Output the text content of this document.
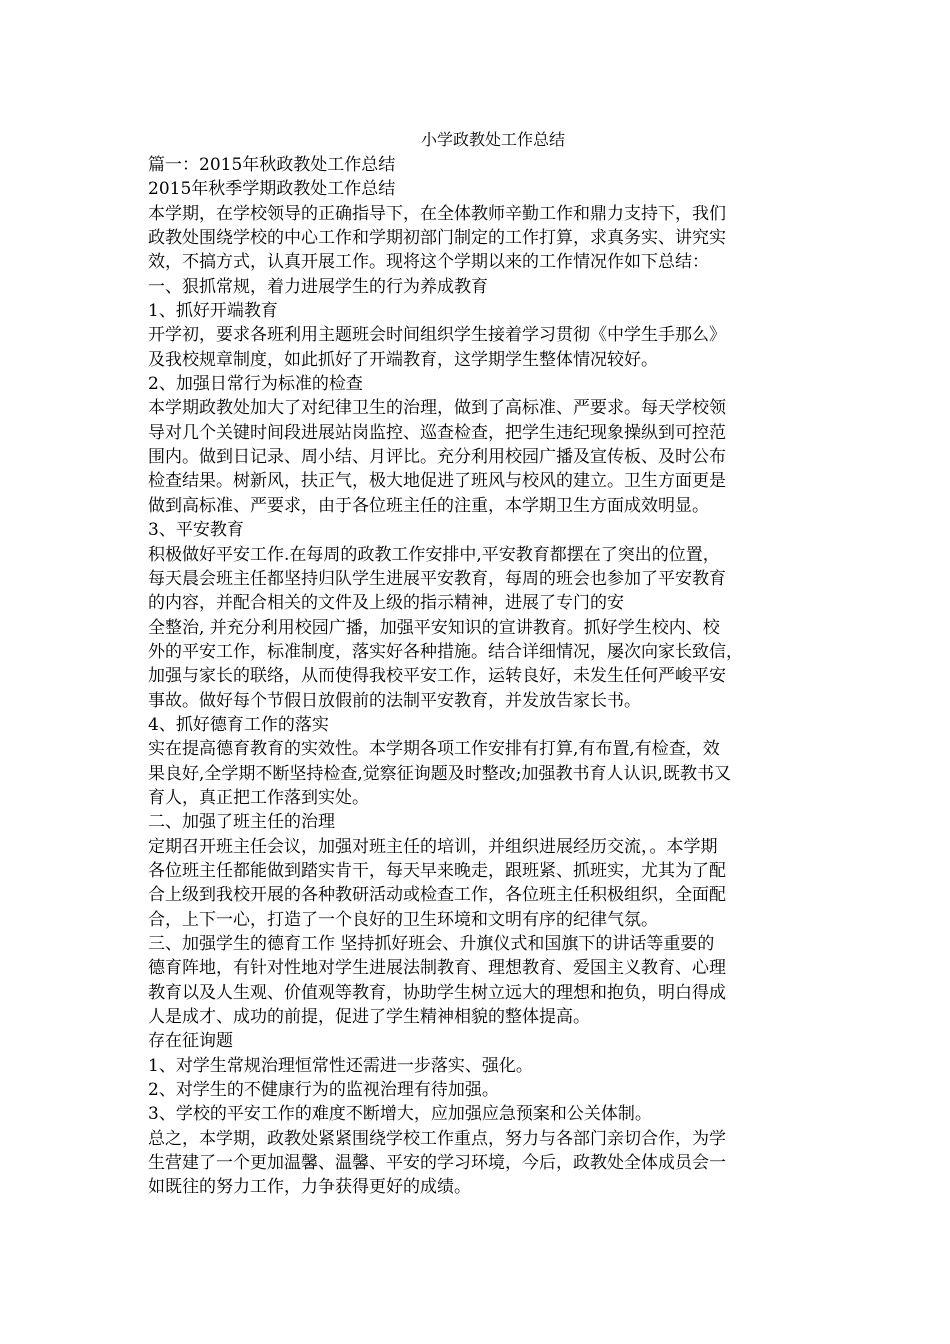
小学政教处工作总结
篇一：2015年秋政教处工作总结
2015年秋季学期政教处工作总结
本学期，在学校领导的正确指导下，在全体教师辛勤工作和鼎力支持下，我们
政教处围绕学校的中心工作和学期初部门制定的工作打算，求真务实、讲究实
效，不搞方式，认真开展工作。现将这个学期以来的工作情况作如下总结：
一、狠抓常规，着力进展学生的行为养成教育
1、抓好开端教育
开学初，要求各班利用主题班会时间组织学生接着学习贯彻《中学生手那么》
及我校规章制度，如此抓好了开端教育，这学期学生整体情况较好。
2、加强日常行为标准的检查
本学期政教处加大了对纪律卫生的治理，做到了高标准、严要求。每天学校领
导对几个关键时间段进展站岗监控、巡查检查，把学生违纪现象操纵到可控范
围内。做到日记录、周小结、月评比。充分利用校园广播及宣传板、及时公布
检查结果。树新风，扶正气，极大地促进了班风与校风的建立。卫生方面更是
做到高标准、严要求，由于各位班主任的注重，本学期卫生方面成效明显。
3、平安教育
积极做好平安工作.在每周的政教工作安排中,平安教育都摆在了突出的位置，
每天晨会班主任都坚持归队学生进展平安教育，每周的班会也参加了平安教育
的内容，并配合相关的文件及上级的指示精神，进展了专门的安
全整治, 并充分利用校园广播，加强平安知识的宣讲教育。抓好学生校内、校
外的平安工作，标准制度，落实好各种措施。结合详细情况，屡次向家长致信，
加强与家长的联络，从而使得我校平安工作，运转良好，未发生任何严峻平安
事故。做好每个节假日放假前的法制平安教育，并发放告家长书。
4、抓好德育工作的落实
实在提高德育教育的实效性。本学期各项工作安排有打算,有布置,有检查，效
果良好,全学期不断坚持检查,觉察征询题及时整改;加强教书育人认识,既教书又
育人，真正把工作落到实处。
二、加强了班主任的治理
定期召开班主任会议，加强对班主任的培训，并组织进展经历交流，。本学期
各位班主任都能做到踏实肯干，每天早来晚走，跟班紧、抓班实，尤其为了配
合上级到我校开展的各种教研活动或检查工作，各位班主任积极组织，全面配
合，上下一心，打造了一个良好的卫生环境和文明有序的纪律气氛。
三、加强学生的德育工作 坚持抓好班会、升旗仪式和国旗下的讲话等重要的
德育阵地，有针对性地对学生进展法制教育、理想教育、爱国主义教育、心理
教育以及人生观、价值观等教育，协助学生树立远大的理想和抱负，明白得成
人是成才、成功的前提，促进了学生精神相貌的整体提高。
存在征询题
1、对学生常规治理恒常性还需进一步落实、强化。
2、对学生的不健康行为的监视治理有待加强。
3、学校的平安工作的难度不断增大，应加强应急预案和公关体制。
总之，本学期，政教处紧紧围绕学校工作重点，努力与各部门亲切合作，为学
生营建了一个更加温馨、温馨、平安的学习环境，今后，政教处全体成员会一
如既往的努力工作，力争获得更好的成绩。
